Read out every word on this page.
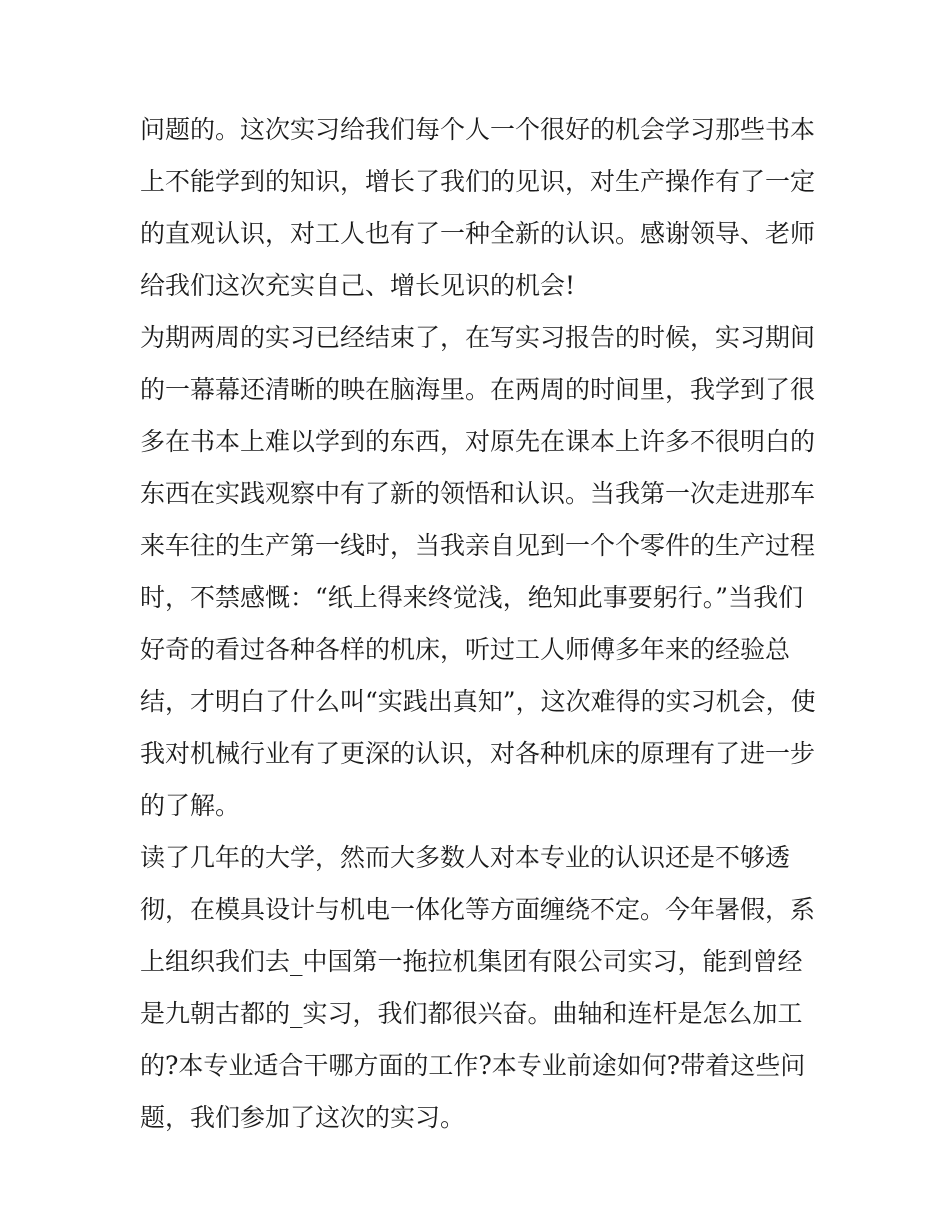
问题的。这次实习给我们每个人一个很好的机会学习那些书本
上不能学到的知识，增长了我们的见识，对生产操作有了一定
的直观认识，对工人也有了一种全新的认识。感谢领导、老师
给我们这次充实自己、增长见识的机会!

为期两周的实习已经结束了，在写实习报告的时候，实习期间
的一幕幕还清晰的映在脑海里。在两周的时间里，我学到了很
多在书本上难以学到的东西，对原先在课本上许多不很明白的
东西在实践观察中有了新的领悟和认识。当我第一次走进那车
来车往的生产第一线时，当我亲自见到一个个零件的生产过程
时，不禁感慨：“纸上得来终觉浅，绝知此事要躬行。”当我们
好奇的看过各种各样的机床，听过工人师傅多年来的经验总
结，才明白了什么叫“实践出真知”，这次难得的实习机会，使
我对机械行业有了更深的认识，对各种机床的原理有了进一步
的了解。

读了几年的大学，然而大多数人对本专业的认识还是不够透
彻，在模具设计与机电一体化等方面缠绕不定。今年暑假，系
上组织我们去_中国第一拖拉机集团有限公司实习，能到曾经
是九朝古都的_实习，我们都很兴奋。曲轴和连杆是怎么加工
的?本专业适合干哪方面的工作?本专业前途如何?带着这些问
题，我们参加了这次的实习。
